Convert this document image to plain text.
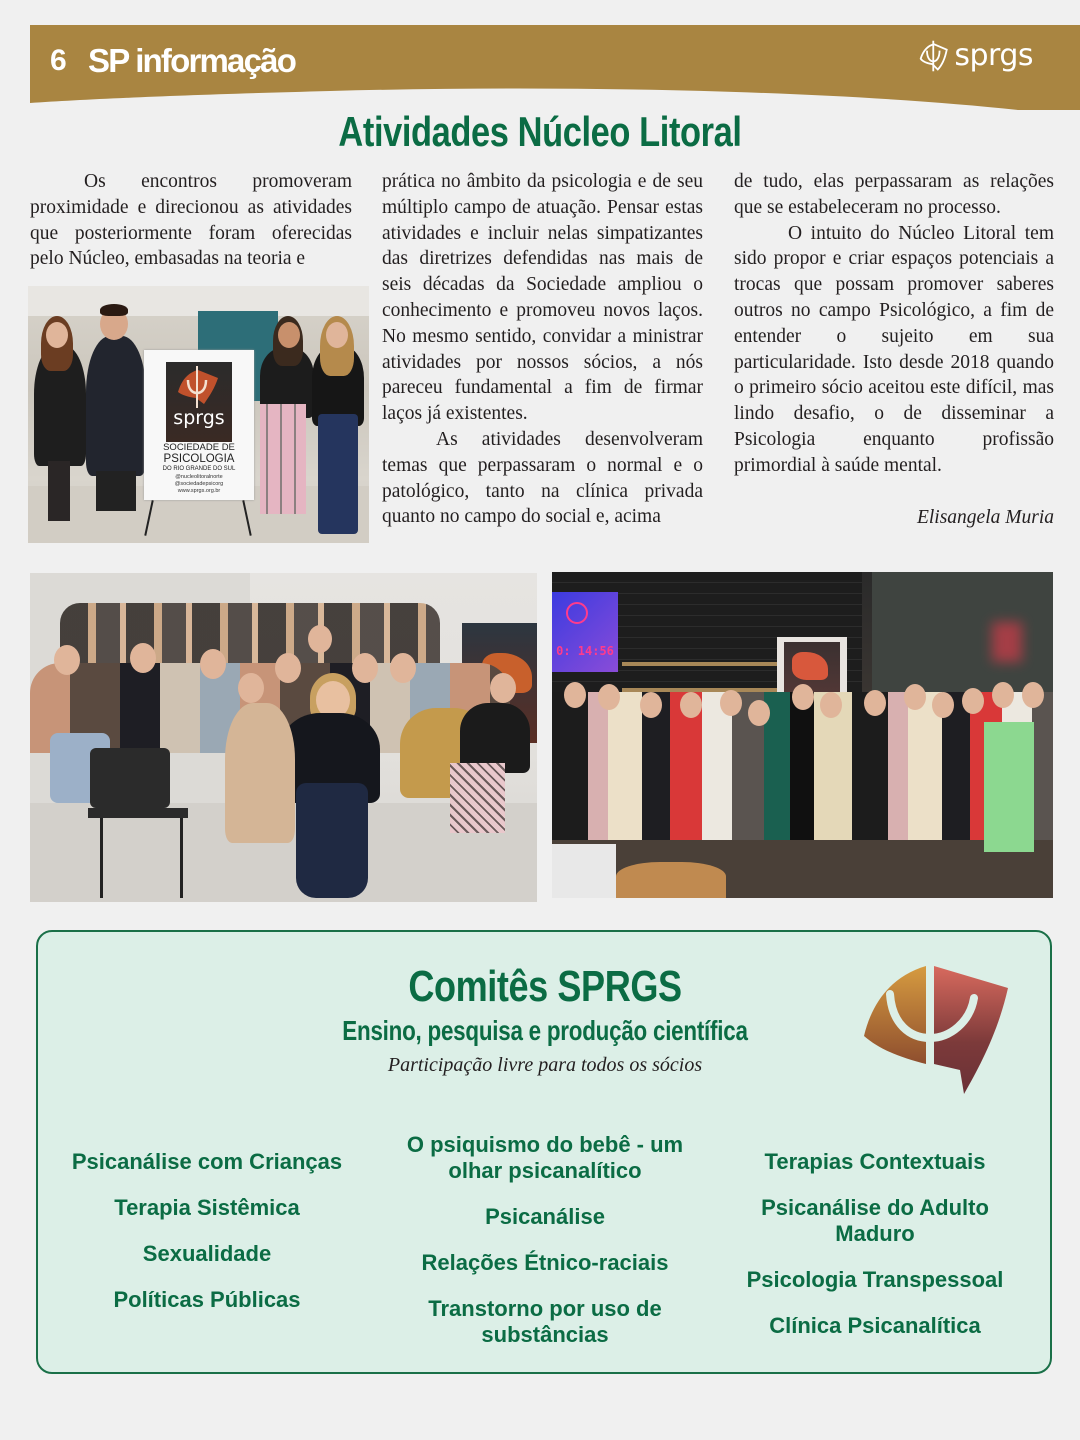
6 SP informação	sprgs
Atividades Núcleo Litoral

Os encontros promoveram proximidade e direcionou as atividades que posteriormente foram oferecidas pelo Núcleo, embasadas na teoria e

prática no âmbito da psicologia e de seu múltiplo campo de atuação. Pensar estas atividades e incluir nelas simpatizantes das diretrizes defendidas nas mais de seis décadas da Sociedade ampliou o conhecimento e promoveu novos laços. No mesmo sentido, convidar a ministrar atividades por nossos sócios, a nós pareceu fundamental a fim de firmar laços já existentes.

As atividades desenvolveram temas que perpassaram o normal e o patológico, tanto na clínica privada quanto no campo do social e, acima

de tudo, elas perpassaram as relações que se estabeleceram no processo.

O intuito do Núcleo Litoral tem sido propor e criar espaços potenciais a trocas que possam promover saberes outros no campo Psicológico, a fim de entender o sujeito em sua particularidade. Isto desde 2018 quando o primeiro sócio aceitou este difícil, mas lindo desafio, o de disseminar a Psicologia enquanto profissão primordial à saúde mental.

Elisangela Muria

sprgs
SOCIEDADE DE
PSICOLOGIA
DO RIO GRANDE DO SUL
@nucleolitoralnorte
@sociedadepsicorg
www.sprgs.org.br
0: 14:56
Comitês SPRGS
Ensino, pesquisa e produção científica
Participação livre para todos os sócios
Psicanálise com Crianças
Terapia Sistêmica
Sexualidade
Políticas Públicas
O psiquismo do bebê - um olhar psicanalítico
Psicanálise
Relações Étnico-raciais
Transtorno por uso de substâncias
Terapias Contextuais
Psicanálise do Adulto Maduro
Psicologia Transpessoal
Clínica Psicanalítica
